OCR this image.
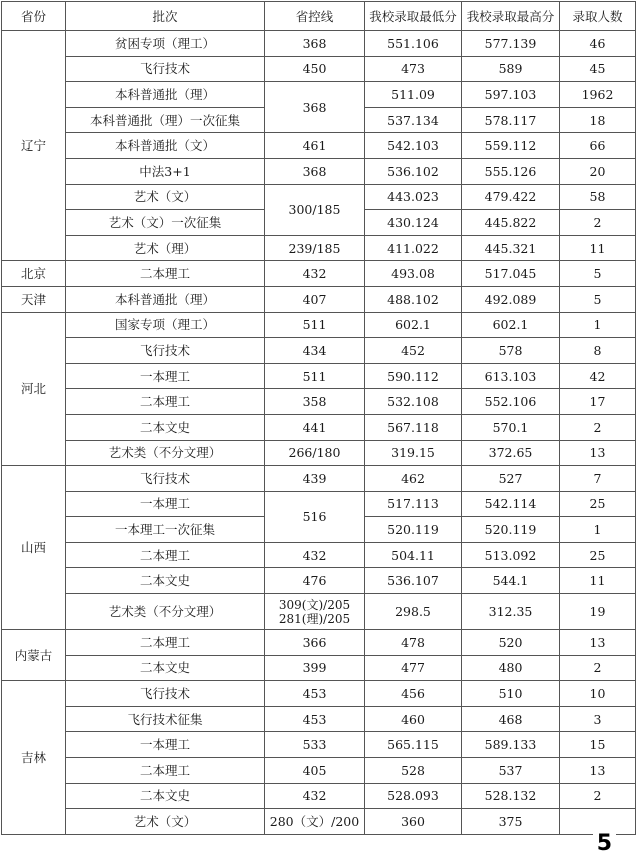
省份	批次	省控线	我校录取最低分	我校录取最高分	录取人数
辽宁	贫困专项（理工）	368	551.106	577.139	46
	飞行技术	450	473	589	45
	本科普通批（理）	368	511.09	597.103	1962
	本科普通批（理）一次征集		537.134	578.117	18
	本科普通批（文）	461	542.103	559.112	66
	中法3+1	368	536.102	555.126	20
	艺术（文）	300/185	443.023	479.422	58
	艺术（文）一次征集		430.124	445.822	2
	艺术（理）	239/185	411.022	445.321	11
北京	二本理工	432	493.08	517.045	5
天津	本科普通批（理）	407	488.102	492.089	5
河北	国家专项（理工）	511	602.1	602.1	1
	飞行技术	434	452	578	8
	一本理工	511	590.112	613.103	42
	二本理工	358	532.108	552.106	17
	二本文史	441	567.118	570.1	2
	艺术类（不分文理）	266/180	319.15	372.65	13
山西	飞行技术	439	462	527	7
	一本理工	516	517.113	542.114	25
	一本理工一次征集		520.119	520.119	1
	二本理工	432	504.11	513.092	25
	二本文史	476	536.107	544.1	11
	艺术类（不分文理）	309(文)/205
281(理)/205	298.5	312.35	19
内蒙古	二本理工	366	478	520	13
	二本文史	399	477	480	2
吉林	飞行技术	453	456	510	10
	飞行技术征集	453	460	468	3
	一本理工	533	565.115	589.133	15
	二本理工	405	528	537	13
	二本文史	432	528.093	528.132	2
	艺术（文）	280（文）/200	360	375	
5
